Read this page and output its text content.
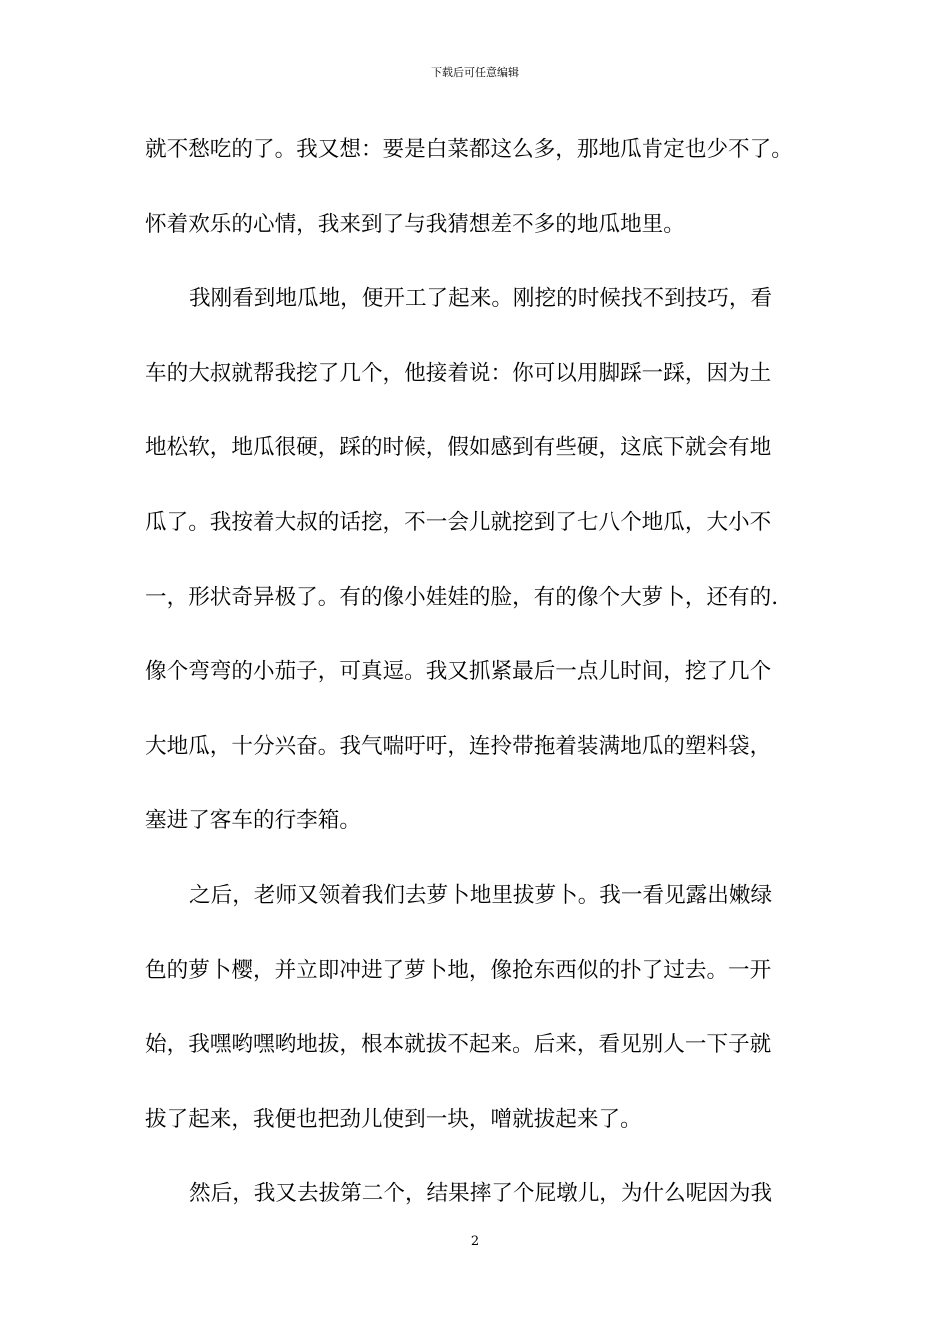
下载后可任意编辑
就不愁吃的了。我又想：要是白菜都这么多，那地瓜肯定也少不了。
怀着欢乐的心情，我来到了与我猜想差不多的地瓜地里。
我刚看到地瓜地，便开工了起来。刚挖的时候找不到技巧，看
车的大叔就帮我挖了几个，他接着说：你可以用脚踩一踩，因为土
地松软，地瓜很硬，踩的时候，假如感到有些硬，这底下就会有地
瓜了。我按着大叔的话挖，不一会儿就挖到了七八个地瓜，大小不
一，形状奇异极了。有的像小娃娃的脸，有的像个大萝卜，还有的.
像个弯弯的小茄子，可真逗。我又抓紧最后一点儿时间，挖了几个
大地瓜，十分兴奋。我气喘吁吁，连拎带拖着装满地瓜的塑料袋，
塞进了客车的行李箱。
之后，老师又领着我们去萝卜地里拔萝卜。我一看见露出嫩绿
色的萝卜樱，并立即冲进了萝卜地，像抢东西似的扑了过去。一开
始，我嘿哟嘿哟地拔，根本就拔不起来。后来，看见别人一下子就
拔了起来，我便也把劲儿使到一块，噌就拔起来了。
然后，我又去拔第二个，结果摔了个屁墩儿，为什么呢因为我
2
